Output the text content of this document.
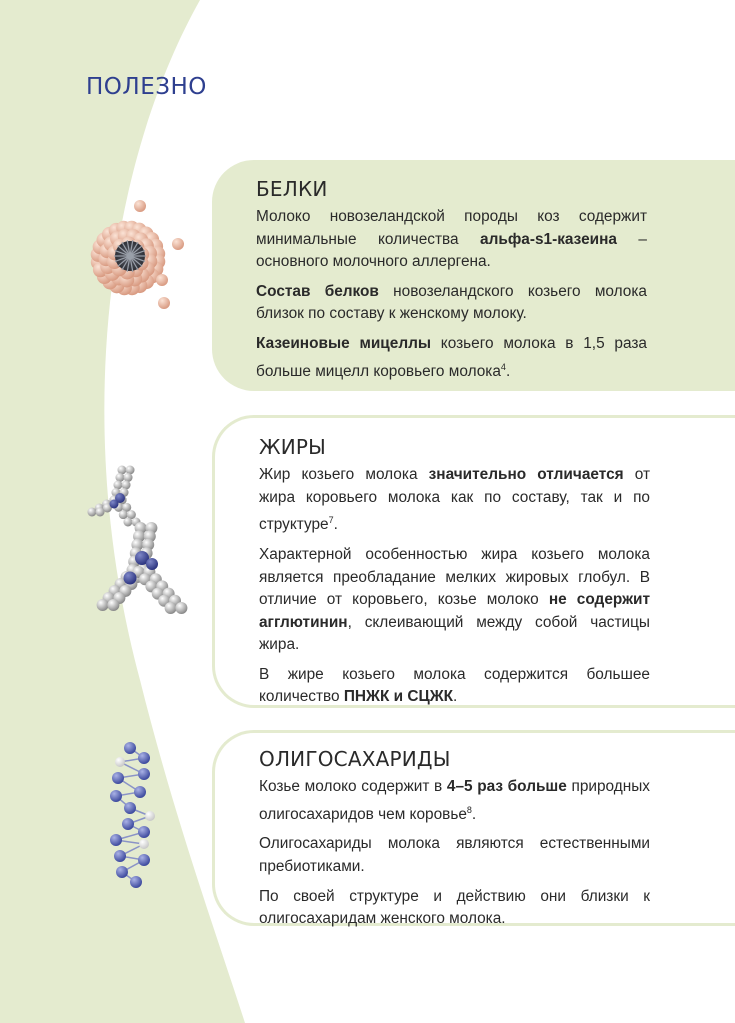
ПОЛЕЗНО
БЕЛКИ

Молоко новозеландской породы коз содержит минимальные количества альфа-s1-казеина – основного молочного аллергена.

Состав белков новозеландского козьего молока близок по составу к женскому молоку.

Казеиновые мицеллы козьего молока в 1,5 раза больше мицелл коровьего молока$^4$.

ЖИРЫ

Жир козьего молока значительно отличается от жира коровьего молока как по составу, так и по структуре$^7$.

Характерной особенностью жира козьего молока является преобладание мелких жировых глобул. В отличие от коровьего, козье молоко не содержит агглютинин, склеивающий между собой частицы жира.

В жире козьего молока содержится большее количество ПНЖК и СЦЖК.

ОЛИГОСАХАРИДЫ

Козье молоко содержит в 4–5 раз больше природных олигосахаридов чем коровье$^8$.

Олигосахариды молока являются естественными пребиотиками.

По своей структуре и действию они близки к олигосахаридам женского молока.
